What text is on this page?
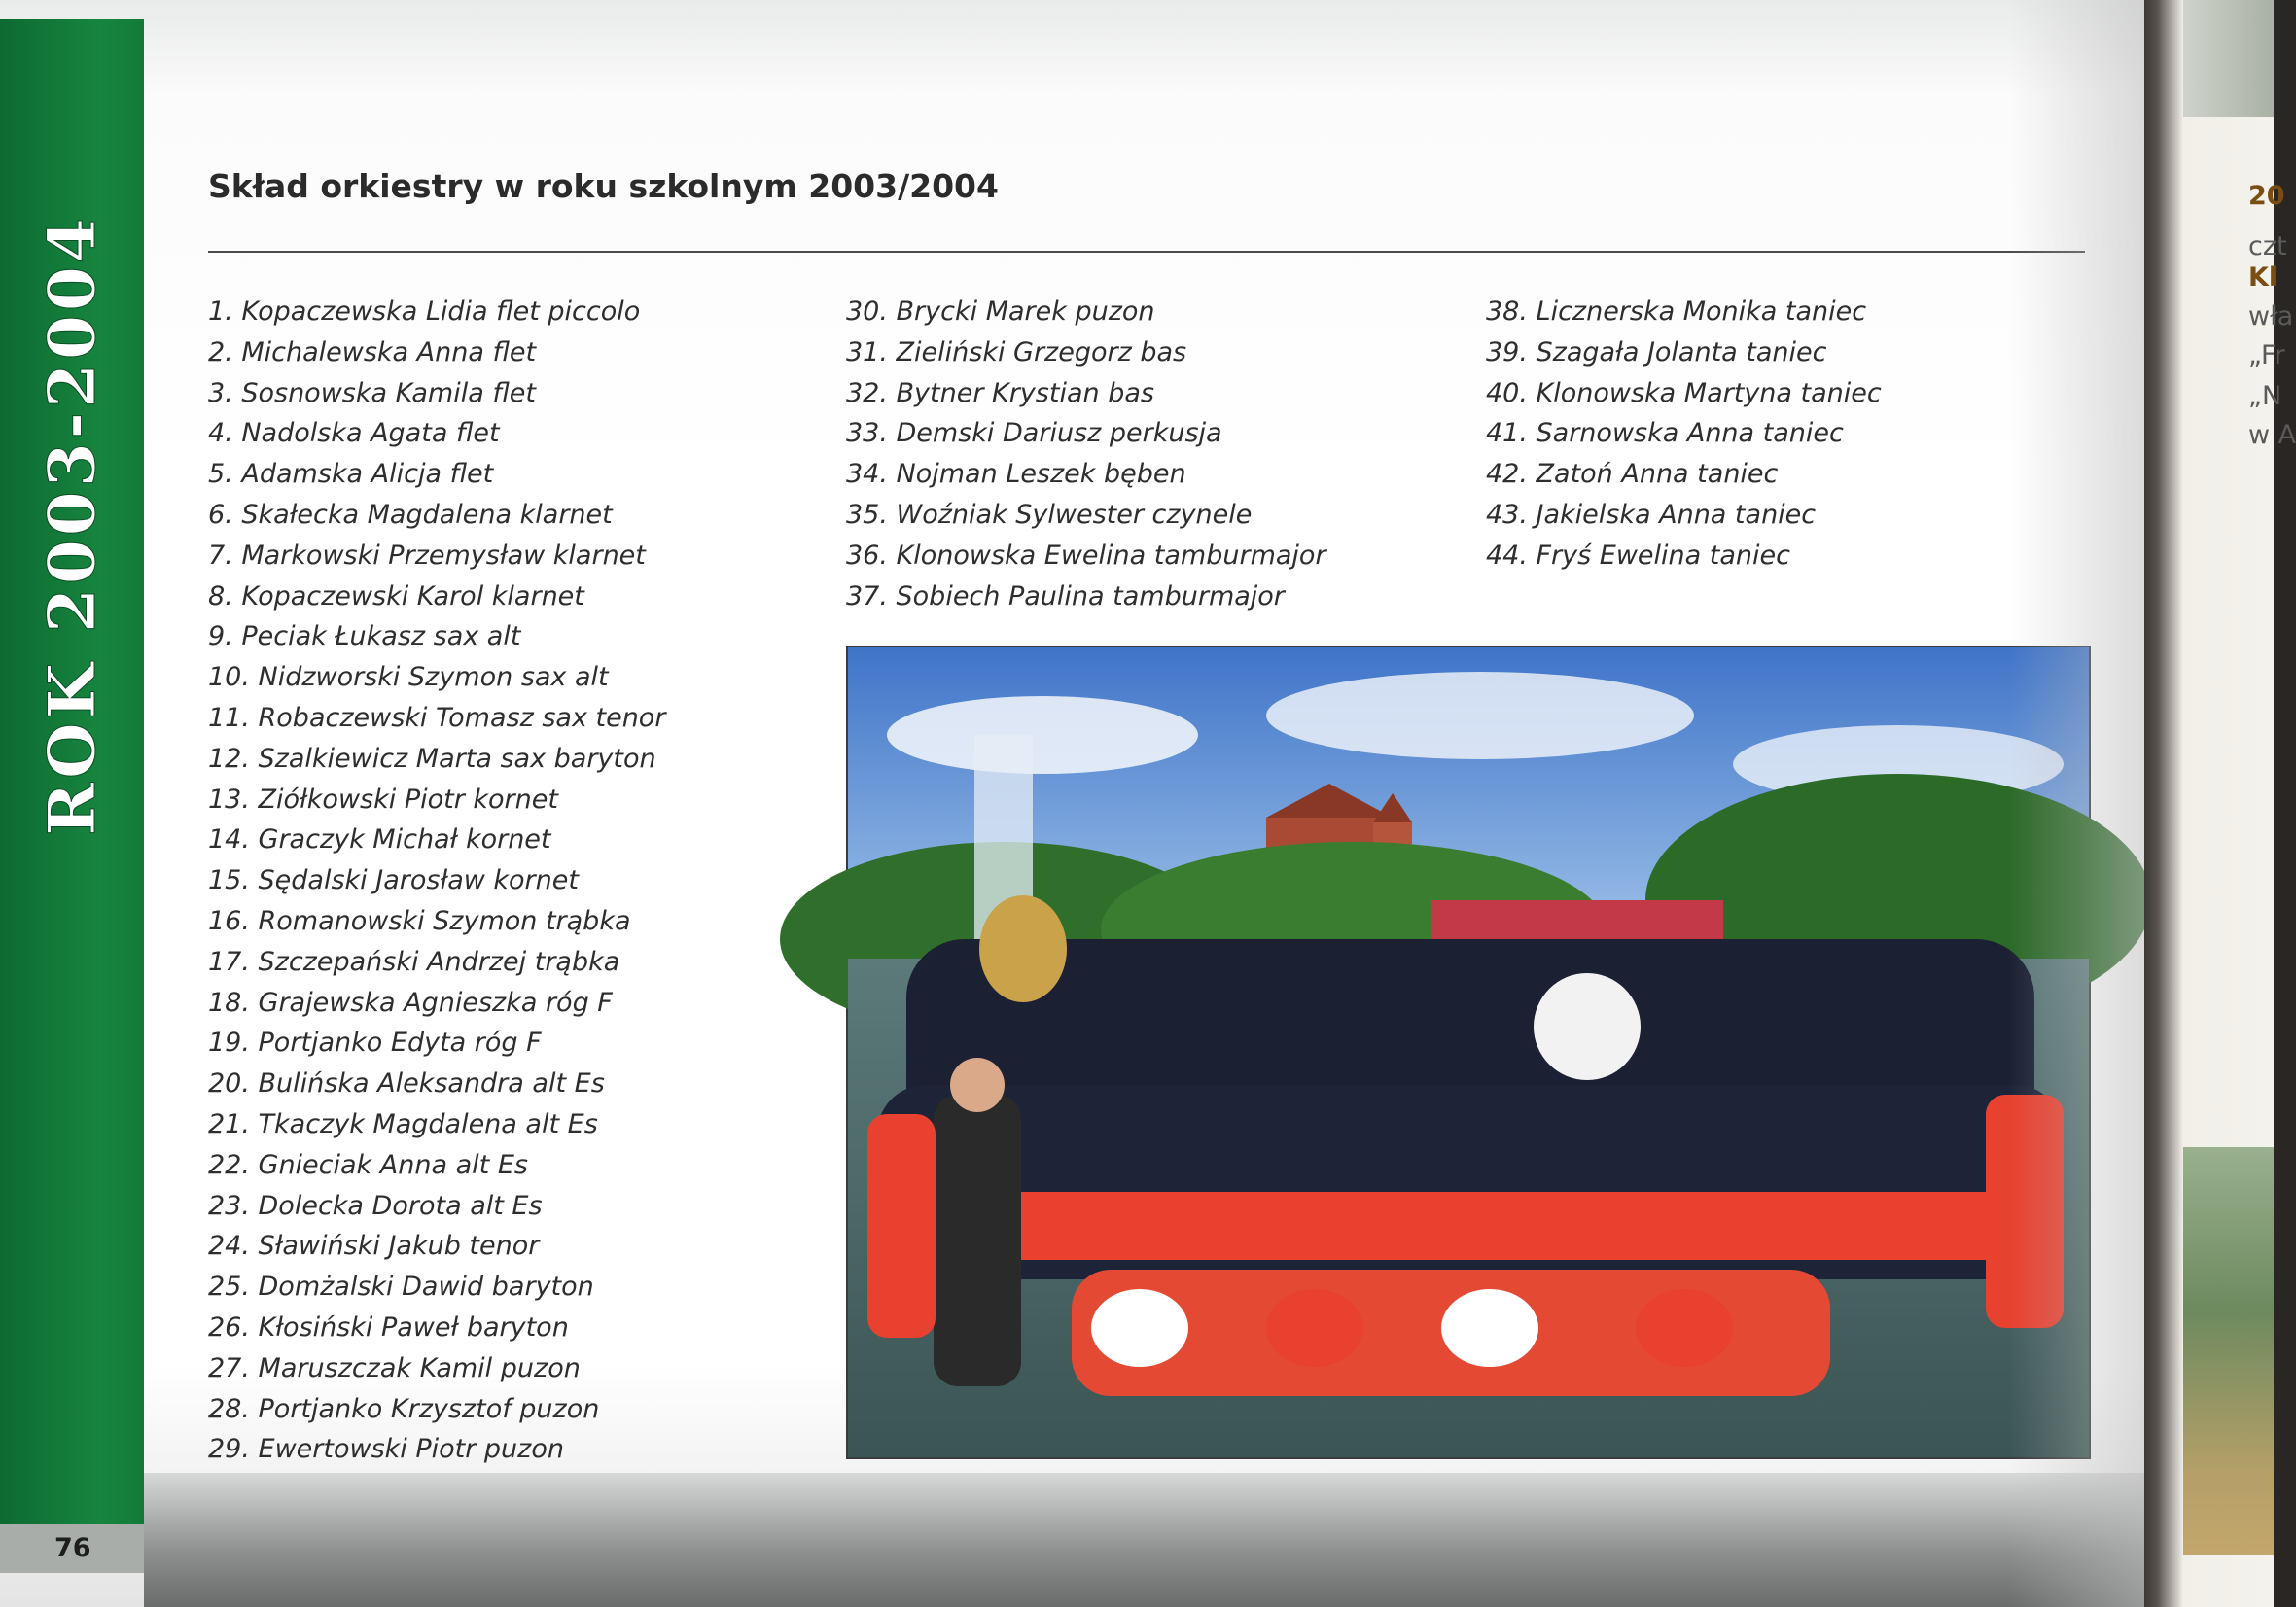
ROK 2003-2004
76
Skład orkiestry w roku szkolnym 2003/2004
1. Kopaczewska Lidia flet piccolo
2. Michalewska Anna flet
3. Sosnowska Kamila flet
4. Nadolska Agata flet
5. Adamska Alicja flet
6. Skałecka Magdalena klarnet
7. Markowski Przemysław klarnet
8. Kopaczewski Karol klarnet
9. Peciak Łukasz sax alt
10. Nidzworski Szymon sax alt
11. Robaczewski Tomasz sax tenor
12. Szalkiewicz Marta sax baryton
13. Ziółkowski Piotr kornet
14. Graczyk Michał kornet
15. Sędalski Jarosław kornet
16. Romanowski Szymon trąbka
17. Szczepański Andrzej trąbka
18. Grajewska Agnieszka róg F
19. Portjanko Edyta róg F
20. Bulińska Aleksandra alt Es
21. Tkaczyk Magdalena alt Es
22. Gnieciak Anna alt Es
23. Dolecka Dorota alt Es
24. Sławiński Jakub tenor
25. Domżalski Dawid baryton
26. Kłosiński Paweł baryton
27. Maruszczak Kamil puzon
28. Portjanko Krzysztof puzon
29. Ewertowski Piotr puzon
30. Brycki Marek puzon
31. Zieliński Grzegorz bas
32. Bytner Krystian bas
33. Demski Dariusz perkusja
34. Nojman Leszek bęben
35. Woźniak Sylwester czynele
36. Klonowska Ewelina tamburmajor
37. Sobiech Paulina tamburmajor
38. Licznerska Monika taniec
39. Szagała Jolanta taniec
40. Klonowska Martyna taniec
41. Sarnowska Anna taniec
42. Zatoń Anna taniec
43. Jakielska Anna taniec
44. Fryś Ewelina taniec
20
czt
Kl
wła
„Fr
„N
w A
